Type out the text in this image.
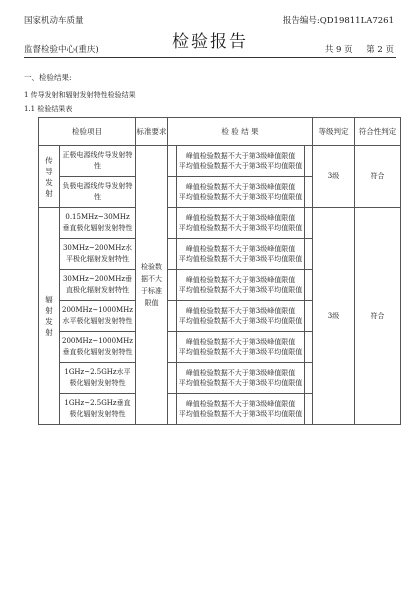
国家机动车质量
检验报告
报告编号:QD19811LA7261
监督检验中心(重庆)	共 9 页     第 2 页
一、检验结果:
1 传导发射和辐射发射特性检验结果
1.1 检验结果表
检验项目		标准要求	检 验 结 果			等级判定	符合性判定
传导发射	正极电源线传导发射特性	检验数据不大于标准限值		峰值检验数据不大于第3级峰值限值
平均值检验数据不大于第3级平均值限值		3级	符合
	负极电源线传导发射特性			峰值检验数据不大于第3级峰值限值
平均值检验数据不大于第3级平均值限值			

辐射发射	0.15MHz~30MHz垂直极化辐射发射特性			峰值检验数据不大于第3级峰值限值
平均值检验数据不大于第3级平均值限值		3级	符合
	30MHz~200MHz水平极化辐射发射特性			峰值检验数据不大于第3级峰值限值
平均值检验数据不大于第3级平均值限值			

	30MHz~200MHz垂直极化辐射发射特性			峰值检验数据不大于第3级峰值限值
平均值检验数据不大于第3级平均值限值			

	200MHz~1000MHz水平极化辐射发射特性			峰值检验数据不大于第3级峰值限值
平均值检验数据不大于第3级平均值限值			

	200MHz~1000MHz垂直极化辐射发射特性			峰值检验数据不大于第3级峰值限值
平均值检验数据不大于第3级平均值限值			

	1GHz~2.5GHz水平极化辐射发射特性			峰值检验数据不大于第3级峰值限值
平均值检验数据不大于第3级平均值限值			

	1GHz~2.5GHz垂直极化辐射发射特性			峰值检验数据不大于第3级峰值限值
平均值检验数据不大于第3级平均值限值			
